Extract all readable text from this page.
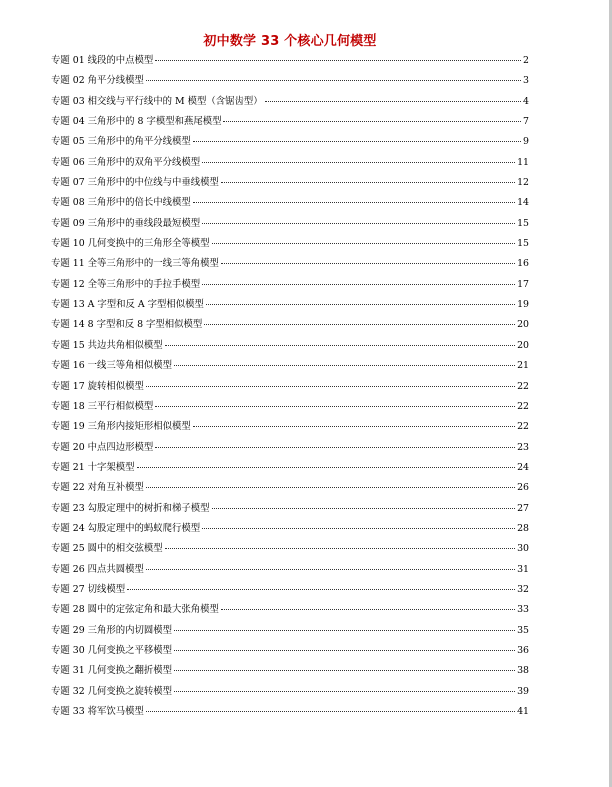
初中数学 33 个核心几何模型
专题 01 线段的中点模型	2
专题 02 角平分线模型	3
专题 03 相交线与平行线中的 M 模型（含锯齿型）	4
专题 04 三角形中的 8 字模型和燕尾模型	7
专题 05 三角形中的角平分线模型	9
专题 06 三角形中的双角平分线模型	11
专题 07 三角形中的中位线与中垂线模型	12
专题 08 三角形中的倍长中线模型	14
专题 09 三角形中的垂线段最短模型	15
专题 10 几何变换中的三角形全等模型	15
专题 11 全等三角形中的一线三等角模型	16
专题 12 全等三角形中的手拉手模型	17
专题 13 A 字型和反 A 字型相似模型	19
专题 14 8 字型和反 8 字型相似模型	20
专题 15 共边共角相似模型	20
专题 16 一线三等角相似模型	21
专题 17 旋转相似模型	22
专题 18 三平行相似模型	22
专题 19 三角形内接矩形相似模型	22
专题 20 中点四边形模型	23
专题 21 十字架模型	24
专题 22 对角互补模型	26
专题 23 勾股定理中的树折和梯子模型	27
专题 24 勾股定理中的蚂蚁爬行模型	28
专题 25 圆中的相交弦模型	30
专题 26 四点共圆模型	31
专题 27 切线模型	32
专题 28 圆中的定弦定角和最大张角模型	33
专题 29 三角形的内切圆模型	35
专题 30 几何变换之平移模型	36
专题 31 几何变换之翻折模型	38
专题 32 几何变换之旋转模型	39
专题 33 将军饮马模型	41
